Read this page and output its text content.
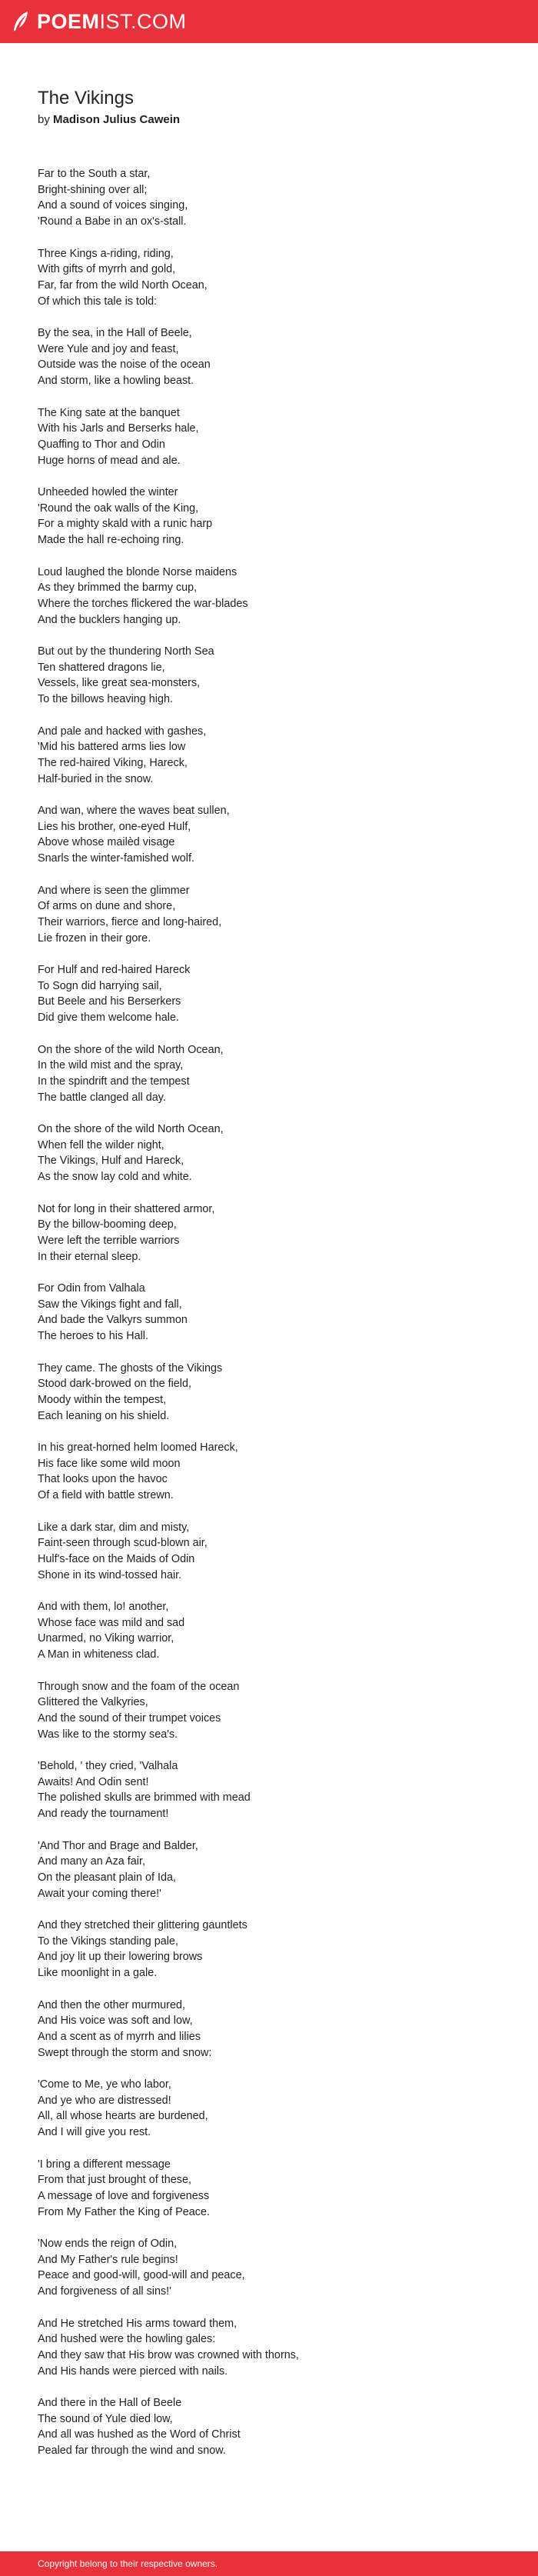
POEMIST.COM
The Vikings
by Madison Julius Cawein
Far to the South a star,
Bright-shining over all;
And a sound of voices singing,
'Round a Babe in an ox's-stall.
Three Kings a-riding, riding,
With gifts of myrrh and gold,
Far, far from the wild North Ocean,
Of which this tale is told:
By the sea, in the Hall of Beele,
Were Yule and joy and feast,
Outside was the noise of the ocean
And storm, like a howling beast.
The King sate at the banquet
With his Jarls and Berserks hale,
Quaffing to Thor and Odin
Huge horns of mead and ale.
Unheeded howled the winter
'Round the oak walls of the King,
For a mighty skald with a runic harp
Made the hall re-echoing ring.
Loud laughed the blonde Norse maidens
As they brimmed the barmy cup,
Where the torches flickered the war-blades
And the bucklers hanging up.
But out by the thundering North Sea
Ten shattered dragons lie,
Vessels, like great sea-monsters,
To the billows heaving high.
And pale and hacked with gashes,
'Mid his battered arms lies low
The red-haired Viking, Hareck,
Half-buried in the snow.
And wan, where the waves beat sullen,
Lies his brother, one-eyed Hulf,
Above whose mailèd visage
Snarls the winter-famished wolf.
And where is seen the glimmer
Of arms on dune and shore,
Their warriors, fierce and long-haired,
Lie frozen in their gore.
For Hulf and red-haired Hareck
To Sogn did harrying sail,
But Beele and his Berserkers
Did give them welcome hale.
On the shore of the wild North Ocean,
In the wild mist and the spray,
In the spindrift and the tempest
The battle clanged all day.
On the shore of the wild North Ocean,
When fell the wilder night,
The Vikings, Hulf and Hareck,
As the snow lay cold and white.
Not for long in their shattered armor,
By the billow-booming deep,
Were left the terrible warriors
In their eternal sleep.
For Odin from Valhala
Saw the Vikings fight and fall,
And bade the Valkyrs summon
The heroes to his Hall.
They came. The ghosts of the Vikings
Stood dark-browed on the field,
Moody within the tempest,
Each leaning on his shield.
In his great-horned helm loomed Hareck,
His face like some wild moon
That looks upon the havoc
Of a field with battle strewn.
Like a dark star, dim and misty,
Faint-seen through scud-blown air,
Hulf's-face on the Maids of Odin
Shone in its wind-tossed hair.
And with them, lo! another,
Whose face was mild and sad
Unarmed, no Viking warrior,
A Man in whiteness clad.
Through snow and the foam of the ocean
Glittered the Valkyries,
And the sound of their trumpet voices
Was like to the stormy sea's.
'Behold, ' they cried, 'Valhala
Awaits! And Odin sent!
The polished skulls are brimmed with mead
And ready the tournament!
'And Thor and Brage and Balder,
And many an Aza fair,
On the pleasant plain of Ida,
Await your coming there!'
And they stretched their glittering gauntlets
To the Vikings standing pale,
And joy lit up their lowering brows
Like moonlight in a gale.
And then the other murmured,
And His voice was soft and low,
And a scent as of myrrh and lilies
Swept through the storm and snow:
'Come to Me, ye who labor,
And ye who are distressed!
All, all whose hearts are burdened,
And I will give you rest.
'I bring a different message
From that just brought of these,
A message of love and forgiveness
From My Father the King of Peace.
'Now ends the reign of Odin,
And My Father's rule begins!
Peace and good-will, good-will and peace,
And forgiveness of all sins!'
And He stretched His arms toward them,
And hushed were the howling gales:
And they saw that His brow was crowned with thorns,
And His hands were pierced with nails.
And there in the Hall of Beele
The sound of Yule died low,
And all was hushed as the Word of Christ
Pealed far through the wind and snow.
Copyright belong to their respective owners.
